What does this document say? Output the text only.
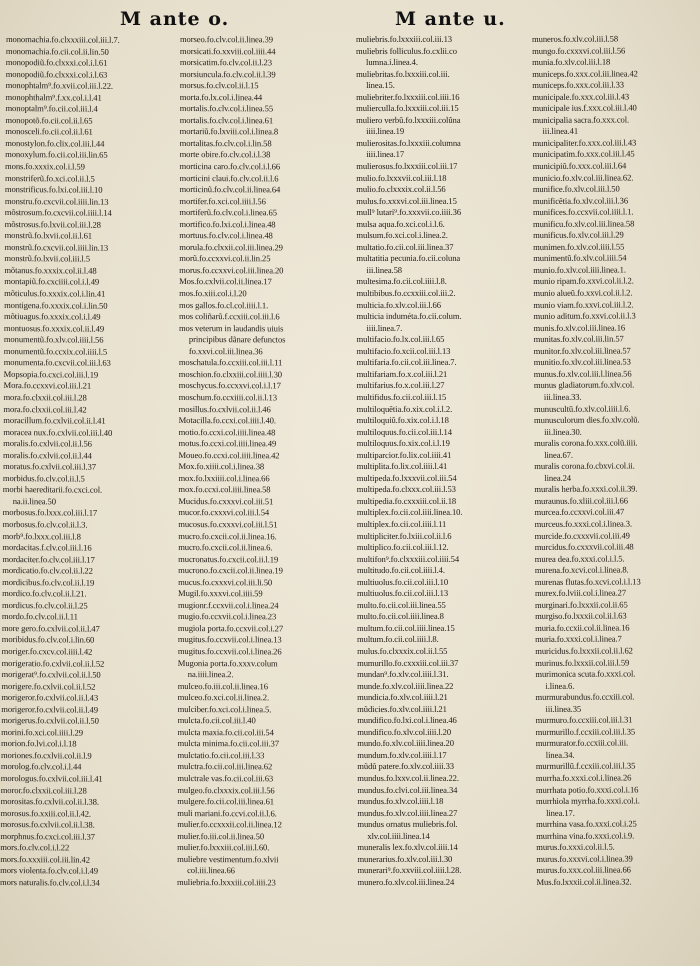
M ante o.	M ante u.
monomachia.fo.clxxxiii.col.iii.l.7.
monomachia.fo.cii.col.ii.lin.50
monopodiũ.fo.clxxxi.col.i.l.61
monopodiũ.fo.clxxxi.col.i.l.63
monophtalm⁹.fo.xvii.col.iii.l.22.
monophthalm⁹.f.xx.col.i.l.41
monoptalm⁹.fo.cii.col.iii.l.4
monopotõ.fo.cii.col.ii.l.65
monosceli.fo.cii.col.ii.l.61
monostylon.fo.clix.col.iii.l.44
monoxylum.fo.cii.col.iii.lin.65
mons.fo.xxxix.col.i.l.59
monstriferũ.fo.xci.col.ii.l.5
monstrificus.fo.lxi.col.iii.l.10
monstru.fo.cxcvii.col.iiii.lin.13
mõstrosum.fo.cxcvii.col.iiii.l.14
mõstrosus.fo.lxvii.col.iii.l.28
monstrũ.fo.lxvii.col.ii.l.61
monstrũ.fo.cxcvii.col.iiii.lin.13
monstrũ.fo.lxvii.col.iii.l.5
mõtanus.fo.xxxix.col.ii.l.48
montapiũ.fo.cxciiii.col.i.l.49
mõticulus.fo.xxxix.col.i.lin.41
montigena.fo.xxxix.col.i.lin.50
mõtiuagus.fo.xxxix.col.i.l.49
montuosus.fo.xxxix.col.ii.l.49
monumentũ.fo.xlv.col.iiii.l.56
monumentũ.fo.ccxix.col.iiii.l.5
monumenta.fo.cxcvii.col.iii.l.63
Mopsopia.fo.cxci.col.iii.l.19
Mora.fo.ccxxvi.col.iii.l.21
mora.fo.clxxii.col.iii.l.28
mora.fo.clxxii.col.iii.l.42
moracillum.fo.cxlvii.col.ii.l.41
moracea nux.fo.cxlvii.col.iii.l.40
moralis.fo.cxlvii.col.ii.l.56
moralis.fo.cxlvii.col.ii.l.44
moratus.fo.cxlvii.col.iii.l.37
morbidus.fo.clv.col.ii.l.5
morbi haereditarii.fo.cxci.col.
na.ii.linea.50
morbosus.fo.lxxx.col.iii.l.17
morbosus.fo.clv.col.ii.l.3.
morb⁹.fo.lxxx.col.iii.l.8
mordacitas.f.clv.col.iii.l.16
mordaciter.fo.clv.col.iii.l.17
mordicatio.fo.clv.col.ii.l.22
mordicibus.fo.clv.col.ii.l.19
mordico.fo.clv.col.ii.l.21.
mordicus.fo.clv.col.ii.l.25
mordo.fo.clv.col.ii.l.11
more gero.fo.cxlvii.col.ii.l.47
moribidus.fo.clv.col.i.lin.60
moriger.fo.cxcv.col.iiii.l.42
morigeratio.fo.cxlvii.col.ii.l.52
morigerat⁹.fo.cxlvii.col.ii.l.50
morigere.fo.cxlvii.col.ii.l.52
morigeror.fo.cxlvii.col.ii.l.43
morigeror.fo.cxlvii.col.ii.l.49
morigerus.fo.cxlvii.col.ii.l.50
morini.fo.xci.col.iiii.l.29
morion.fo.lvi.col.i.l.18
moriones.fo.cxlvii.col.ii.l.9
morolog.fo.clv.col.i.l.44
morologus.fo.cxlvii.col.iii.l.41
moror.fo.clxxii.col.iii.l.28
morositas.fo.cxlvii.col.ii.l.38.
morosus.fo.xxiii.col.ii.l.42.
morosus.fo.cxlvii.col.ii.l.38.
morphnus.fo.cxci.col.iii.l.37
mors.fo.clv.col.i.l.22
mors.fo.xxxiii.col.iii.lin.42
mors violenta.fo.clv.col.i.l.49
mors naturalis.fo.clv.col.i.l.34
morseo.fo.clv.col.ii.linea.39
morsicati.fo.xxviii.col.iiii.44
morsicatim.fo.clv.col.ii.l.23
morsiuncula.fo.clv.col.ii.l.39
morsus.fo.clv.col.ii.l.15
morta.fo.lx.col.i.linea.44
mortalis.fo.clv.col.i.linea.55
mortalis.fo.clv.col.i.linea.61
mortariũ.fo.lxviii.col.i.linea.8
mortalitas.fo.clv.col.i.lin.58
morte obire.fo.clv.col.i.l.38
morticina caro.fo.clv.col.i.l.66
morticini claui.fo.clv.col.ii.l.6
morticinũ.fo.clv.col.ii.linea.64
mortifer.fo.xci.col.iiii.l.56
mortiferũ.fo.clv.col.i.linea.65
mortifico.fo.lxi.col.i.linea.48
mortuus.fo.clv.col.i.linea.48
morula.fo.clxxii.col.iii.linea.29
morũ.fo.ccxxvi.col.ii.lin.25
morus.fo.ccxxvi.col.iii.linea.20
Mos.fo.cxlvii.col.ii.linea.17
mos.fo.xiii.col.i.l.20
mos gallos.fo.cl.col.iiii.l.1.
mos coliñarũ.f.ccxiii.col.iii.l.6
mos veterum in laudandis uiuis
principibus dãnare defunctos
fo.xxvi.col.iii.linea.36
moschatula.fo.ccxiii.col.iii.l.11
moschion.fo.clxxiii.col.iiii.l.30
moschycus.fo.ccxxvi.col.i.l.17
moschum.fo.ccxiiii.col.ii.l.13
mosillus.fo.cxlvii.col.ii.l.46
Motacilla.fo.ccxi.col.iiii.l.40.
motio.fo.ccxi.col.iiii.linea.48
motus.fo.ccxi.col.iiii.linea.49
Moueo.fo.ccxi.col.iiii.linea.42
Mox.fo.xiiii.col.i.linea.38
mox.fo.lxxiiii.col.i.linea.66
mox.fo.ccxi.col.iiii.linea.58
Mucidus.fo.cxxxvi.col.iii.51
mucor.fo.cxxxvi.col.iii.l.54
mucosus.fo.cxxxvi.col.iii.l.51
mucro.fo.cxcii.col.ii.linea.16.
mucro.fo.cxcii.col.ii.linea.6.
mucronatus.fo.cxcii.col.ii.l.19
mucrono.fo.cxcii.col.ii.linea.19
mucus.fo.cxxxvi.col.iii.li.50
Mugil.fo.xxxvi.col.iiii.59
mugionr.f.ccxvii.col.i.linea.24
mugio.fo.ccxvii.col.i.linea.23
mugiola porta.fo.ccxvii.col.i.27
mugitus.fo.ccxvii.col.i.linea.13
mugitus.fo.ccxvii.col.i.linea.26
Mugonia porta.fo.xxxv.colum
na.iiii.linea.2.
mulceo.fo.iii.col.ii.linea.16
mulceo.fo.xci.col.ii.linea.2.
mulciber.fo.xci.col.i.linea.5.
mulcta.fo.cii.col.iii.l.40
mulcta maxia.fo.cii.col.iii.54
mulcta minima.fo.cii.col.iii.37
mulctatio.fo.cii.col.iii.l.33
mulctra.fo.cii.col.iii.linea.62
mulctrale vas.fo.cii.col.iii.63
mulgeo.fo.clxxxix.col.iii.l.56
mulgere.fo.cii.col.iii.linea.61
muli mariani.fo.ccvi.col.ii.l.6.
mulier.fo.ccxxxii.col.ii.linea.12
mulier.fo.iii.col.ii.linea.50
mulier.fo.lxxxiii.col.iii.l.60.
muliebre vestimentum.fo.xlvii
col.iii.linea.66
muliebria.fo.lxxxiii.col.iiii.23
muliebris.fo.lxxxiii.col.iii.13
muliebris folliculus.fo.cxlii.co
lumna.i.linea.4.
muliebritas.fo.lxxxiii.col.iii.
linea.15.
muliebriter.fo.lxxxiii.col.iiii.16
mulierculla.fo.lxxxiii.col.iii.15
muliero verbũ.fo.lxxxiii.colũna
iiii.linea.19
mulierositas.fo.lxxxiii.columna
iiii.linea.17
mulierosus.fo.lxxxiii.col.iii.17
mulio.fo.lxxxvii.col.iii.l.18
mulio.fo.clxxxix.col.ii.l.56
mulus.fo.xxxvi.col.iii.linea.15
mull⁹ lutari⁹.fo.xxxvii.co.iiii.36
mulsa aqua.fo.xci.col.i.l.6.
mulsum.fo.xci.col.i.linea.2.
multatio.fo.cii.col.iii.linea.37
multatitia pecunia.fo.cii.coluna
iii.linea.58
multesima.fo.cii.col.iiii.l.8.
multibibus.fo.ccxxiii.col.iii.2.
multicia.fo.xlv.col.iii.l.66
multicia induméta.fo.cii.colum.
iiii.linea.7.
multifacio.fo.lx.col.iii.l.65
multifacio.fo.xcii.col.iii.l.13
multifaria.fo.cii.col.iii.linea.7.
multifariam.fo.x.col.iii.l.21
multifarius.fo.x.col.iii.l.27
multifidus.fo.cii.col.iii.l.15
multiloquẽtia.fo.xix.col.i.l.2.
multiloquiũ.fo.xix.col.i.l.18
multiloquus.fo.cii.col.iii.l.14
multiloquus.fo.xix.col.i.l.19
multiparcior.fo.lix.col.iiii.41
multiplita.fo.lix.col.iiii.l.41
multipeda.fo.lxxxvii.col.iii.54
multipeda.fo.clxxx.col.iii.l.53
multipedia.fo.cxxxiii.col.ii.18
multiplex.fo.cii.col.iiii.linea.10.
multiplex.fo.cii.col.iiii.l.11
multipliciter.fo.lxiii.col.ii.l.6
multiplico.fo.cii.col.iii.l.12.
multifon⁹.fo.clxxxiii.col.iiii.54
multitudo.fo.cii.col.iiii.l.4.
multiuolus.fo.cii.col.iii.l.10
multiuolus.fo.cii.col.iii.l.13
multo.fo.cii.col.iii.linea.55
multo.fo.cii.col.iiii.linea.8
multum.fo.cii.col.iiii.linea.15
multum.fo.cii.col.iiii.l.8.
mulus.fo.clxxxix.col.ii.l.55
mumurillo.fo.cxxxiii.col.iii.37
mundan⁹.fo.xlv.col.iiii.l.31.
munde.fo.xlv.col.iiii.linea.22
mundicia.fo.xlv.col.iiii.l.21
mũdicies.fo.xlv.col.iiii.l.21
mundifico.fo.lxi.col.i.linea.46
mundifico.fo.xlv.col.iiii.l.20
mundo.fo.xlv.col.iiii.linea.20
mundum.fo.xlv.col.iiii.l.17
mũdũ patere.fo.xlv.col.iiii.33
mundus.fo.lxxv.col.ii.linea.22.
mundus.fo.clvi.col.iii.linea.34
mundus.fo.xlv.col.iiii.l.18
mundus.fo.xlv.col.iiii.linea.27
mundus ornatus muliebris.fol.
xlv.col.iiii.linea.14
muneralis lex.fo.xlv.col.iiii.14
munerarius.fo.xlv.col.iii.l.30
munerari⁹.fo.xxviii.col.iiii.l.28.
munero.fo.xlv.col.iii.linea.24
muneros.fo.xlv.col.iii.l.58
mungo.fo.cxxxvi.col.iii.l.56
munia.fo.xlv.col.iii.l.18
municeps.fo.xxx.col.iii.linea.42
municeps.fo.xxx.col.iii.l.33
municipale.fo.xxx.col.iii.l.43
municipale ius.f.xxx.col.iii.l.40
municipalia sacra.fo.xxx.col.
iii.linea.41
municipaliter.fo.xxx.col.iii.l.43
municipatim.fo.xxx.col.iii.l.45
municipiũ.fo.xxx.col.iii.l.64
municio.fo.xlv.col.iii.linea.62.
munifice.fo.xlv.col.iii.l.50
munificẽtia.fo.xlv.col.iii.l.36
munifices.fo.ccxvii.col.iiii.l.1.
munificu.fo.xlv.col.iii.linea.58
munificus.fo.xlv.col.iii.l.29
munimen.fo.xlv.col.iiii.l.55
munimentũ.fo.xlv.col.iiii.54
munio.fo.xlv.col.iiii.linea.1.
munio ripam.fo.xxvi.col.ii.l.2.
munio alueũ.fo.xxvi.col.ii.l.2.
munio viam.fo.xxvi.col.iii.l.2.
munio aditum.fo.xxvi.col.ii.l.3
munis.fo.xlv.col.iii.linea.16
munitas.fo.xlv.col.iii.lin.57
munitor.fo.xlv.col.iii.linea.57
munitio.fo.xlv.col.iii.linea.53
munus.fo.xlv.col.iii.l.linea.56
munus gladiatorum.fo.xlv.col.
iii.linea.33.
munuscultũ.fo.xlv.col.iiii.l.6.
munusculorum dies.fo.xlv.colũ.
iii.linea.30.
muralis corona.fo.xxx.colũ.iiii.
linea.67.
muralis corona.fo.cbxvi.col.ii.
linea.24
muralis herba.fo.xxxi.col.ii.39.
muraunus.fo.xliii.col.iii.l.66
murcea.fo.ccxxvi.col.iii.47
murceus.fo.xxxi.col.i.linea.3.
murcide.fo.cxxxvii.col.iii.49
murcidus.fo.cxxxvii.col.iii.48
murea dea.fo.xxxi.col.i.l.5.
murena.fo.xcvi.col.i.linea.8.
murenas flutas.fo.xcvi.col.i.l.13
murex.fo.lviii.col.i.linea.27
murginari.fo.lxxxii.col.ii.65
murgiso.fo.lxxxii.col.ii.l.63
muria.fo.ccxii.col.ii.linea.16
muria.fo.xxxi.col.i.linea.7
muricidus.fo.lxxxii.col.ii.l.62
murinus.fo.lxxxii.col.iii.l.59
murimonica scuta.fo.xxxi.col.
i.linea.6.
murmurabundus.fo.ccxiii.col.
iii.linea.35
murmuro.fo.ccxiii.col.iii.l.31
murmurillo.f.ccxiii.col.iii.l.35
murmurator.fo.ccxiii.col.iii.
linea.34.
murmurillũ.f.ccxiii.col.iii.l.35
murrha.fo.xxxi.col.i.linea.26
murrhata potio.fo.xxxi.col.i.16
murrhiola myrrha.fo.xxxi.col.i.
linea.17.
murrhina vasa.fo.xxxi.col.i.25
murrhina vina.fo.xxxi.col.i.9.
murus.fo.xxxi.col.ii.l.5.
murus.fo.xxxvi.col.i.linea.39
murus.fo.xxx.col.iii.linea.66
Mus.fo.lxxxii.col.ii.linea.32.
